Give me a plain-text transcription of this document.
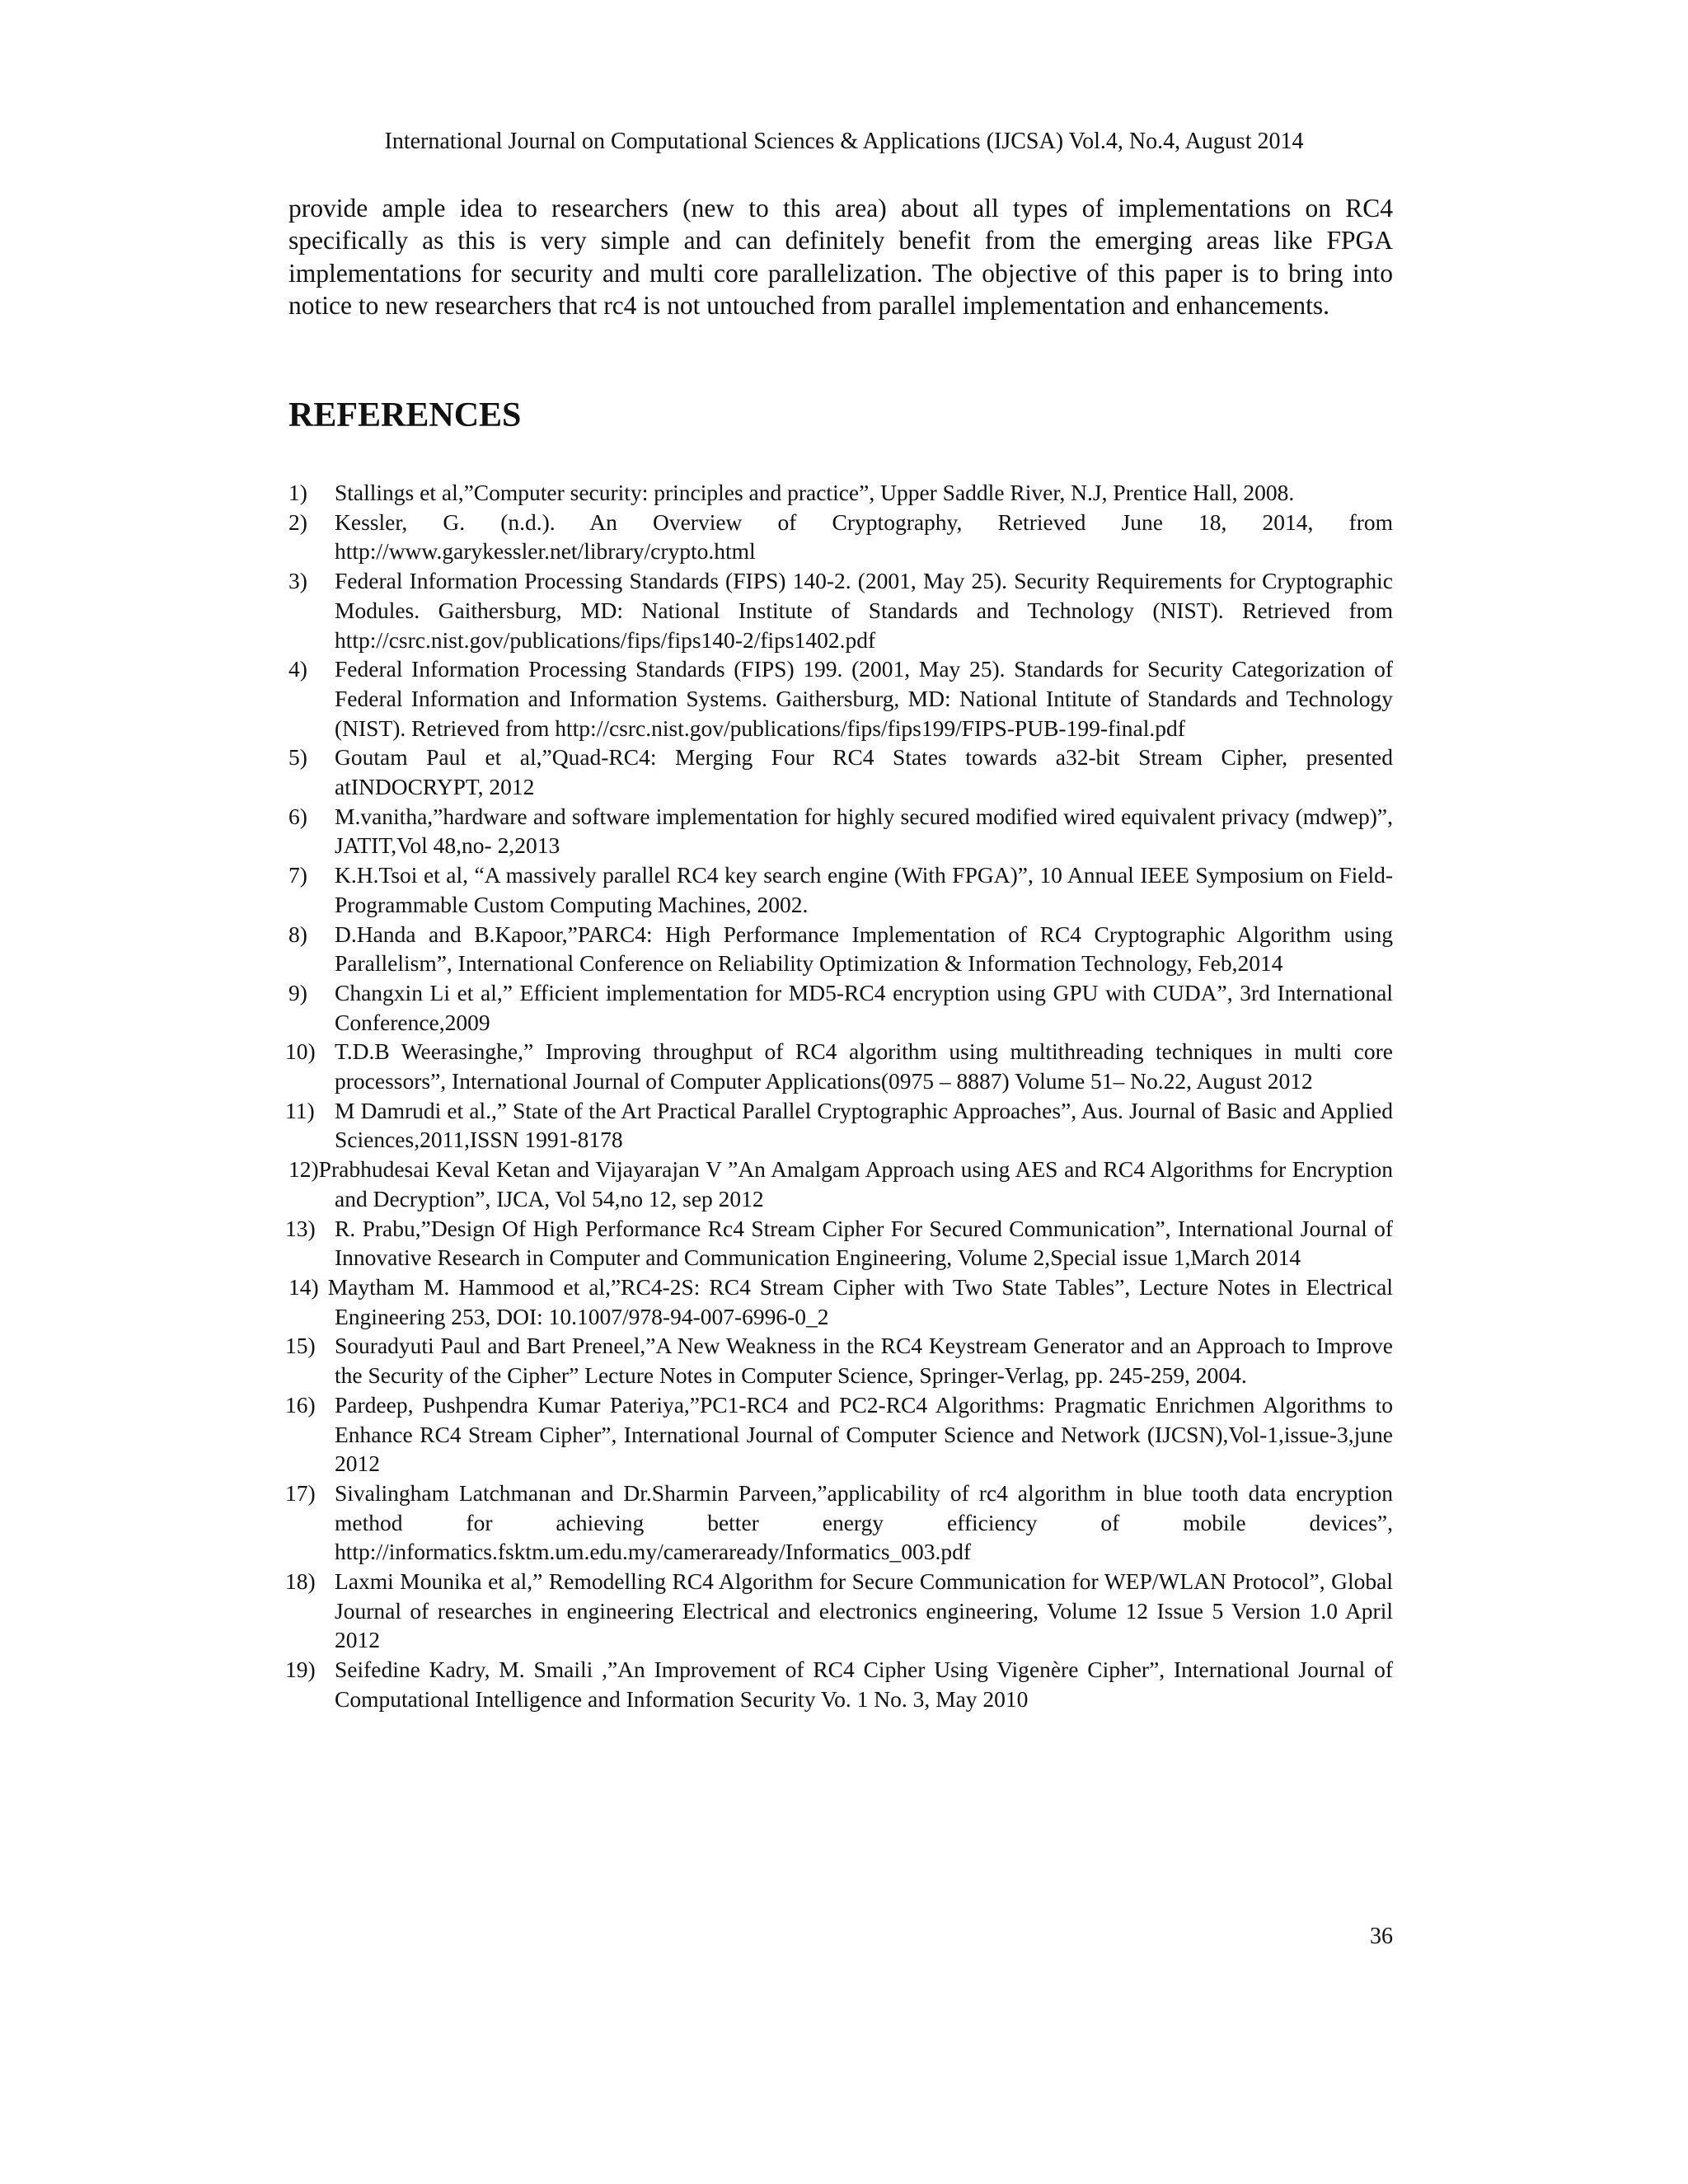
International Journal on Computational Sciences & Applications (IJCSA) Vol.4, No.4, August 2014

provide ample idea to researchers (new to this area) about all types of implementations on RC4 specifically as this is very simple and can definitely benefit from the emerging areas like FPGA implementations for security and multi core parallelization. The objective of this paper is to bring into notice to new researchers that rc4 is not untouched from parallel implementation and enhancements.

REFERENCES
1) Stallings et al,”Computer security: principles and practice”, Upper Saddle River, N.J, Prentice Hall, 2008.
2) Kessler, G. (n.d.). An Overview of Cryptography, Retrieved June 18, 2014, from http://www.garykessler.net/library/crypto.html
3) Federal Information Processing Standards (FIPS) 140-2. (2001, May 25). Security Requirements for Cryptographic Modules. Gaithersburg, MD: National Institute of Standards and Technology (NIST). Retrieved from http://csrc.nist.gov/publications/fips/fips140-2/fips1402.pdf
4) Federal Information Processing Standards (FIPS) 199. (2001, May 25). Standards for Security Categorization of Federal Information and Information Systems. Gaithersburg, MD: National Intitute of Standards and Technology (NIST). Retrieved from http://csrc.nist.gov/publications/fips/fips199/FIPS-PUB-199-final.pdf
5) Goutam Paul et al,”Quad-RC4: Merging Four RC4 States towards a32-bit Stream Cipher, presented atINDOCRYPT, 2012
6) M.vanitha,”hardware and software implementation for highly secured modified wired equivalent privacy (mdwep)”, JATIT,Vol 48,no- 2,2013
7) K.H.Tsoi et al, “A massively parallel RC4 key search engine (With FPGA)”, 10 Annual IEEE Symposium on Field-Programmable Custom Computing Machines, 2002.
8) D.Handa and B.Kapoor,”PARC4: High Performance Implementation of RC4 Cryptographic Algorithm using Parallelism”, International Conference on Reliability Optimization & Information Technology, Feb,2014
9) Changxin Li et al,” Efficient implementation for MD5-RC4 encryption using GPU with CUDA”, 3rd International Conference,2009
10) T.D.B Weerasinghe,” Improving throughput of RC4 algorithm using multithreading techniques in multi core processors”, International Journal of Computer Applications(0975 – 8887) Volume 51– No.22, August 2012
11) M Damrudi et al.,” State of the Art Practical Parallel Cryptographic Approaches”, Aus. Journal of Basic and Applied Sciences,2011,ISSN 1991-8178
12)Prabhudesai Keval Ketan and Vijayarajan V ”An Amalgam Approach using AES and RC4 Algorithms for Encryption and Decryption”, IJCA, Vol 54,no 12, sep 2012
13) R. Prabu,”Design Of High Performance Rc4 Stream Cipher For Secured Communication”, International Journal of Innovative Research in Computer and Communication Engineering, Volume 2,Special issue 1,March 2014
14) Maytham M. Hammood et al,”RC4-2S: RC4 Stream Cipher with Two State Tables”, Lecture Notes in Electrical Engineering 253, DOI: 10.1007/978-94-007-6996-0_2
15) Souradyuti Paul and Bart Preneel,”A New Weakness in the RC4 Keystream Generator and an Approach to Improve the Security of the Cipher” Lecture Notes in Computer Science, Springer-Verlag, pp. 245-259, 2004.
16) Pardeep, Pushpendra Kumar Pateriya,”PC1-RC4 and PC2-RC4 Algorithms: Pragmatic Enrichmen Algorithms to Enhance RC4 Stream Cipher”, International Journal of Computer Science and Network (IJCSN),Vol-1,issue-3,june 2012
17) Sivalingham Latchmanan and Dr.Sharmin Parveen,”applicability of rc4 algorithm in blue tooth data encryption method for achieving better energy efficiency of mobile devices”, http://informatics.fsktm.um.edu.my/cameraready/Informatics_003.pdf
18) Laxmi Mounika et al,” Remodelling RC4 Algorithm for Secure Communication for WEP/WLAN Protocol”, Global Journal of researches in engineering Electrical and electronics engineering, Volume 12 Issue 5 Version 1.0 April 2012
19) Seifedine Kadry, M. Smaili ,”An Improvement of RC4 Cipher Using Vigenère Cipher”, International Journal of Computational Intelligence and Information Security Vo. 1 No. 3, May 2010
36
